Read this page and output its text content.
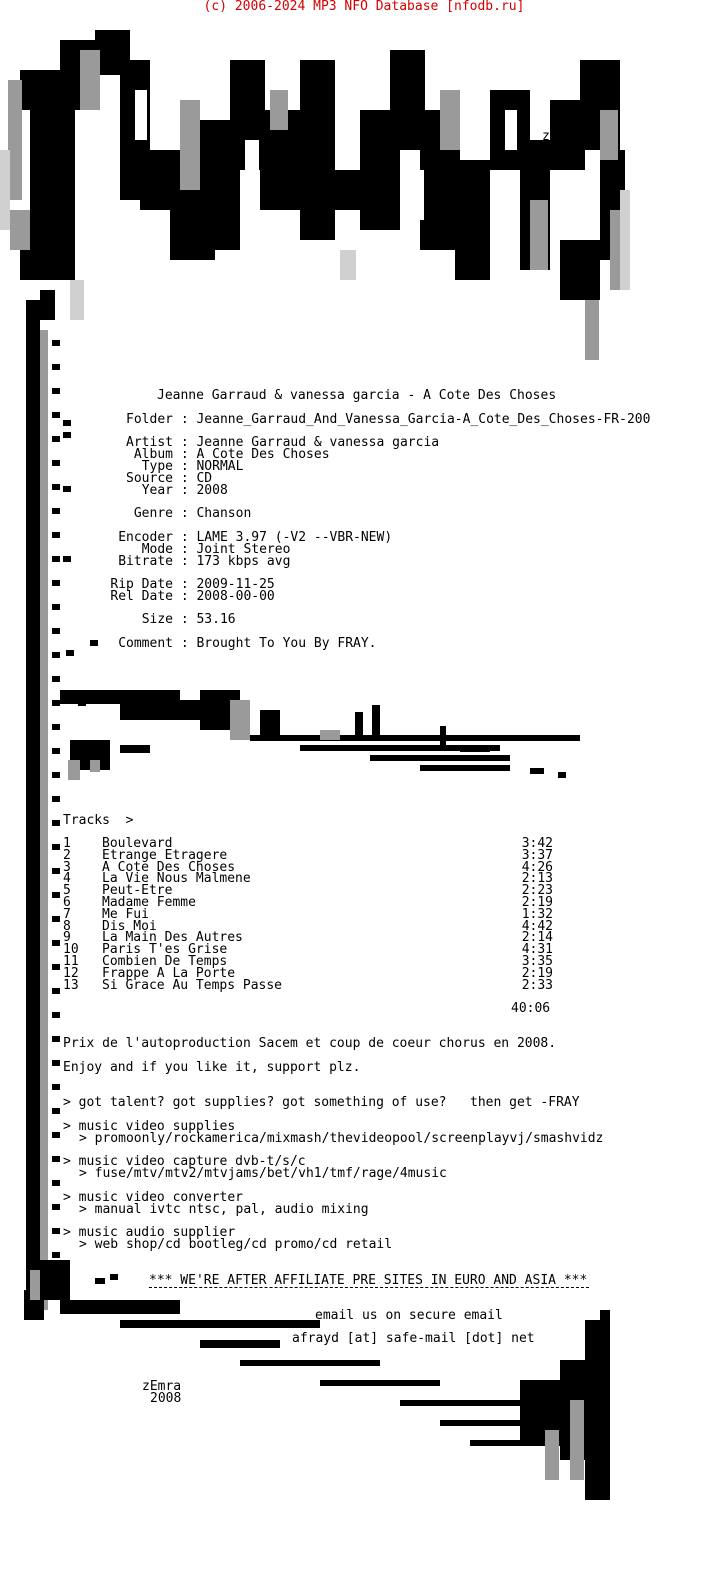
(c) 2006-2024 MP3 NFO Database [nfodb.ru]
zEmra
Jeanne Garraud & vanessa garcia - A Cote Des Choses
Folder : Jeanne_Garraud_And_Vanessa_Garcia-A_Cote_Des_Choses-FR-200
Artist : Jeanne Garraud & vanessa garcia
Album : A Cote Des Choses
Type : NORMAL
Source : CD
Year : 2008
Genre : Chanson
Encoder : LAME 3.97 (-V2 --VBR-NEW)
Mode : Joint Stereo
Bitrate : 173 kbps avg
Rip Date : 2009-11-25
Rel Date : 2008-00-00
Size : 53.16
Comment : Brought To You By FRAY.
Tracks  >
1 Boulevard	3:42
2 Etrange Etragere	3:37
3 A Cote Des Choses	4:26
4 La Vie Nous Malmene	2:13
5 Peut-Etre	2:23
6 Madame Femme	2:19
7 Me Fui	1:32
8 Dis Moi	4:42
9 La Main Des Autres	2:14
10 Paris T'es Grise	4:31
11 Combien De Temps	3:35
12 Frappe A La Porte	2:19
13 Si Grace Au Temps Passe	2:33
40:06
Prix de l'autoproduction Sacem et coup de coeur chorus en 2008.
Enjoy and if you like it, support plz.
> got talent? got supplies? got something of use?   then get -FRAY
> music video supplies
> promoonly/rockamerica/mixmash/thevideopool/screenplayvj/smashvidz
> music video capture dvb-t/s/c
> fuse/mtv/mtv2/mtvjams/bet/vh1/tmf/rage/4music
> music video converter
> manual ivtc ntsc, pal, audio mixing
> music audio supplier
> web shop/cd bootleg/cd promo/cd retail
*** WE'RE AFTER AFFILIATE PRE SITES IN EURO AND ASIA ***
email us on secure email
afrayd [at] safe-mail [dot] net
zEmra
2008
